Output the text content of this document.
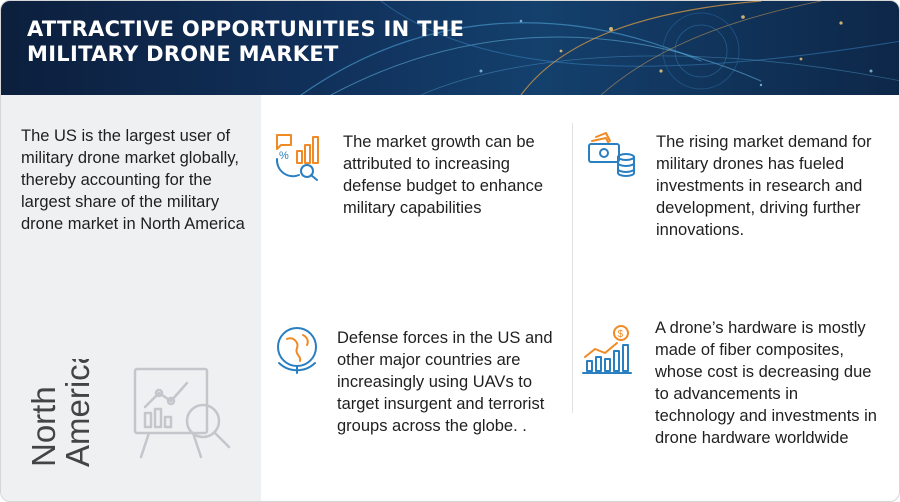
ATTRACTIVE OPPORTUNITIES IN THE MILITARY DRONE MARKET
The US is the largest user of military drone market globally, thereby accounting for the largest share of the military drone market in North America
North
America
%
The market growth can be attributed to increasing defense budget to enhance military capabilities
The rising market demand for military drones has fueled investments in research and development, driving further innovations.
Defense forces in the US and other major countries are increasingly using UAVs to target insurgent and terrorist groups across the globe. .
$ A drone’s hardware is mostly made of fiber composites, whose cost is decreasing due to advancements in technology and investments in drone hardware worldwide
